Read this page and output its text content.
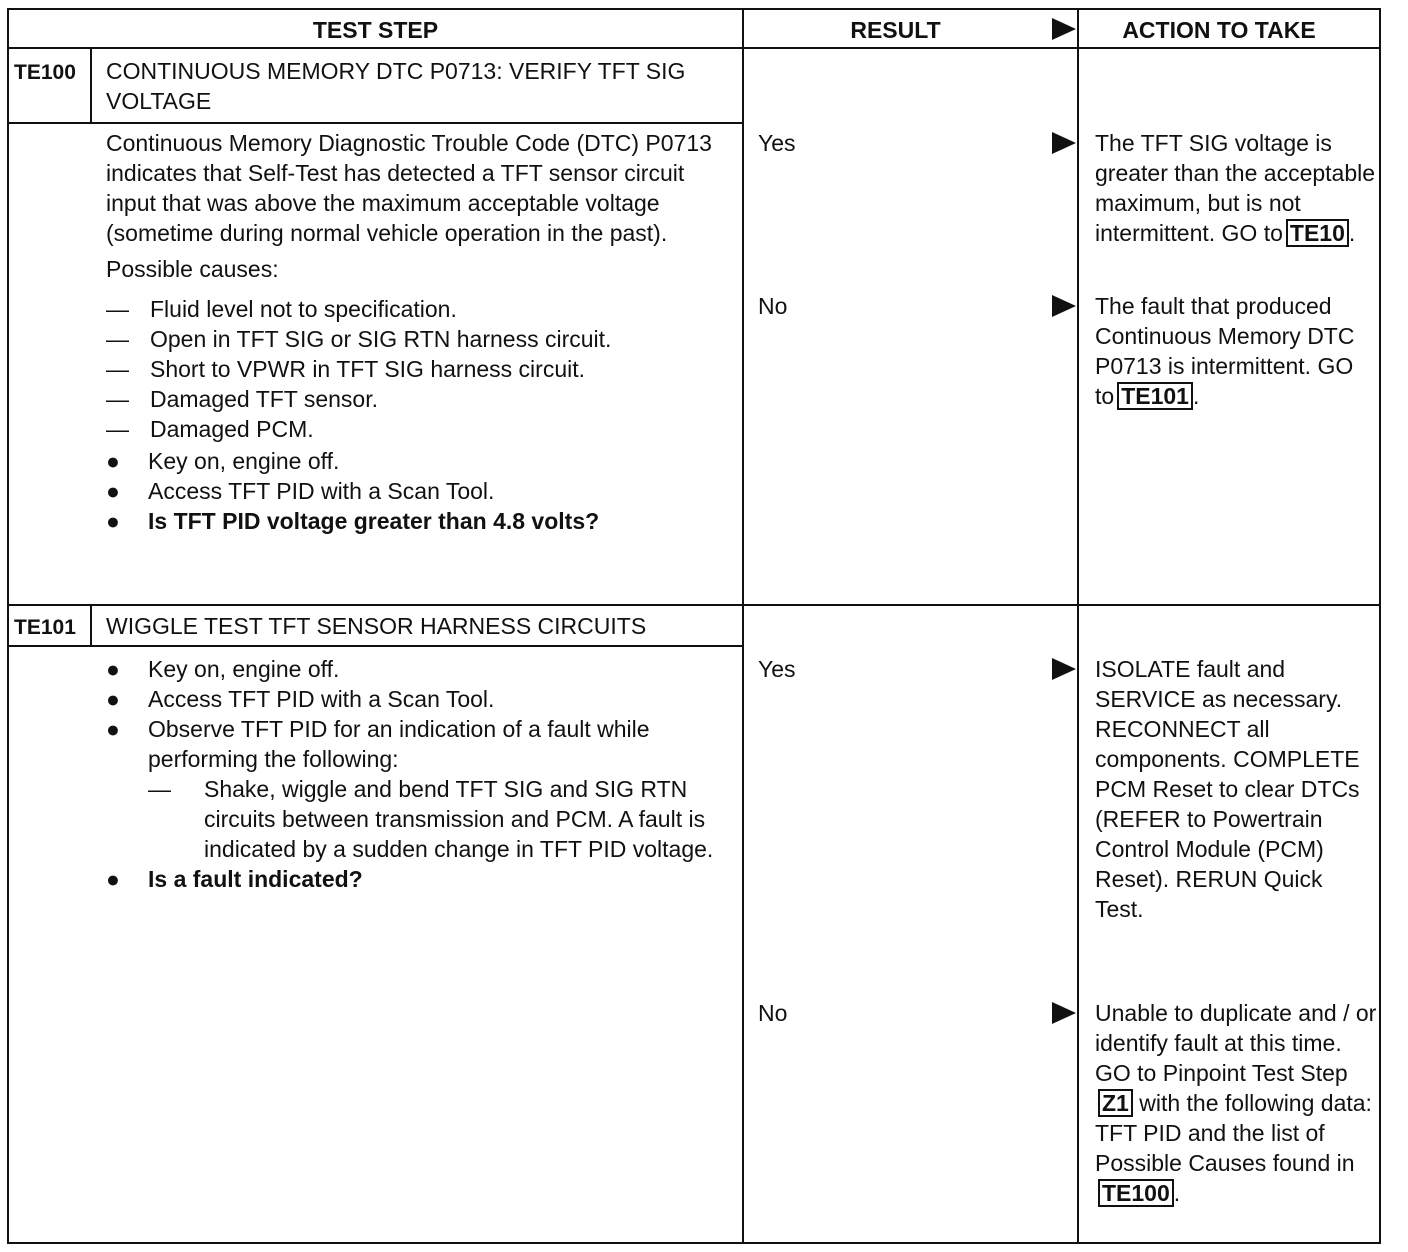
TEST STEP	RESULT	ACTION TO TAKE
TE100 CONTINUOUS MEMORY DTC P0713: VERIFY TFT SIG VOLTAGE

Continuous Memory Diagnostic Trouble Code (DTC) P0713 indicates that Self-Test has detected a TFT sensor circuit input that was above the maximum acceptable voltage (sometime during normal vehicle operation in the past).

Possible causes:

— Fluid level not to specification.
— Open in TFT SIG or SIG RTN harness circuit.
— Short to VPWR in TFT SIG harness circuit.
— Damaged TFT sensor.
— Damaged PCM.
●	Key on, engine off.
●	Access TFT PID with a Scan Tool.
●	Is TFT PID voltage greater than 4.8 volts?
Yes	The TFT SIG voltage is greater than the acceptable maximum, but is not intermittent. GO to TE10 .

No	The fault that produced Continuous Memory DTC P0713 is intermittent. GO to TE101 .

TE101 WIGGLE TEST TFT SENSOR HARNESS CIRCUITS
●	Key on, engine off.
●	Access TFT PID with a Scan Tool.
●	Observe TFT PID for an indication of a fault while performing the following:
—	Shake, wiggle and bend TFT SIG and SIG RTN circuits between transmission and PCM. A fault is indicated by a sudden change in TFT PID voltage.
●	Is a fault indicated?
Yes	ISOLATE fault and SERVICE as necessary. RECONNECT all components. COMPLETE PCM Reset to clear DTCs (REFER to Powertrain Control Module (PCM) Reset). RERUN Quick Test.

No	Unable to duplicate and / or identify fault at this time. GO to Pinpoint Test StepZ1 with the following data: TFT PID and the list of Possible Causes found inTE100 .
